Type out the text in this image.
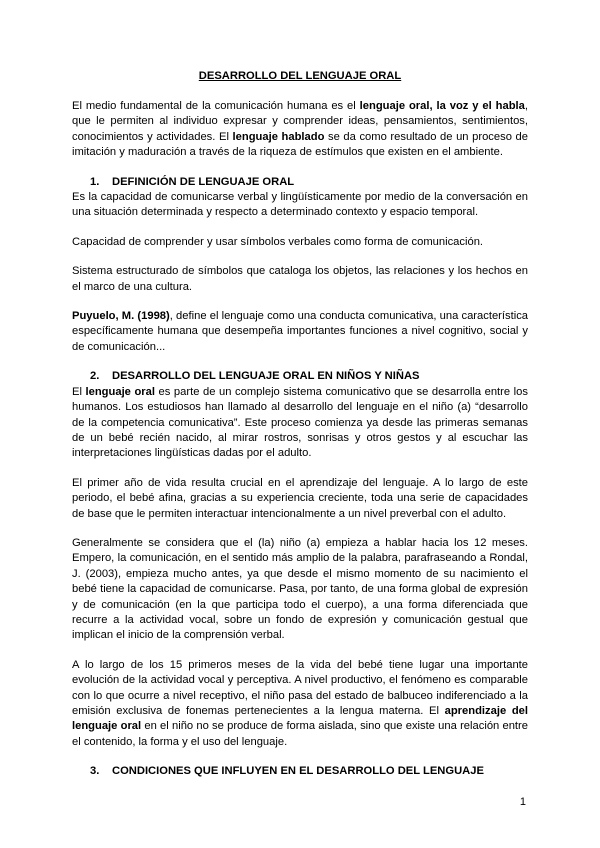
DESARROLLO DEL LENGUAJE ORAL

El medio fundamental de la comunicación humana es el lenguaje oral, la voz y el habla, que le permiten al individuo expresar y comprender ideas, pensamientos, sentimientos, conocimientos y actividades. El lenguaje hablado se da como resultado de un proceso de imitación y maduración a través de la riqueza de estímulos que existen en el ambiente.

1. DEFINICIÓN DE LENGUAJE ORAL

Es la capacidad de comunicarse verbal y lingüísticamente por medio de la conversación en una situación determinada y respecto a determinado contexto y espacio temporal.

Capacidad de comprender y usar símbolos verbales como forma de comunicación.

Sistema estructurado de símbolos que cataloga los objetos, las relaciones y los hechos en el marco de una cultura.

Puyuelo, M. (1998), define el lenguaje como una conducta comunicativa, una característica específicamente humana que desempeña importantes funciones a nivel cognitivo, social y de comunicación...

2. DESARROLLO DEL LENGUAJE ORAL EN NIÑOS Y NIÑAS

El lenguaje oral es parte de un complejo sistema comunicativo que se desarrolla entre los humanos. Los estudiosos han llamado al desarrollo del lenguaje en el niño (a) “desarrollo de la competencia comunicativa”. Este proceso comienza ya desde las primeras semanas de un bebé recién nacido, al mirar rostros, sonrisas y otros gestos y al escuchar las interpretaciones lingüísticas dadas por el adulto.

El primer año de vida resulta crucial en el aprendizaje del lenguaje. A lo largo de este periodo, el bebé afina, gracias a su experiencia creciente, toda una serie de capacidades de base que le permiten interactuar intencionalmente a un nivel preverbal con el adulto.

Generalmente se considera que el (la) niño (a) empieza a hablar hacia los 12 meses. Empero, la comunicación, en el sentido más amplio de la palabra, parafraseando a Rondal, J. (2003), empieza mucho antes, ya que desde el mismo momento de su nacimiento el bebé tiene la capacidad de comunicarse. Pasa, por tanto, de una forma global de expresión y de comunicación (en la que participa todo el cuerpo), a una forma diferenciada que recurre a la actividad vocal, sobre un fondo de expresión y comunicación gestual que implican el inicio de la comprensión verbal.

A lo largo de los 15 primeros meses de la vida del bebé tiene lugar una importante evolución de la actividad vocal y perceptiva. A nivel productivo, el fenómeno es comparable con lo que ocurre a nivel receptivo, el niño pasa del estado de balbuceo indiferenciado a la emisión exclusiva de fonemas pertenecientes a la lengua materna. El aprendizaje del lenguaje oral en el niño no se produce de forma aislada, sino que existe una relación entre el contenido, la forma y el uso del lenguaje.

3. CONDICIONES QUE INFLUYEN EN EL DESARROLLO DEL LENGUAJE
1
